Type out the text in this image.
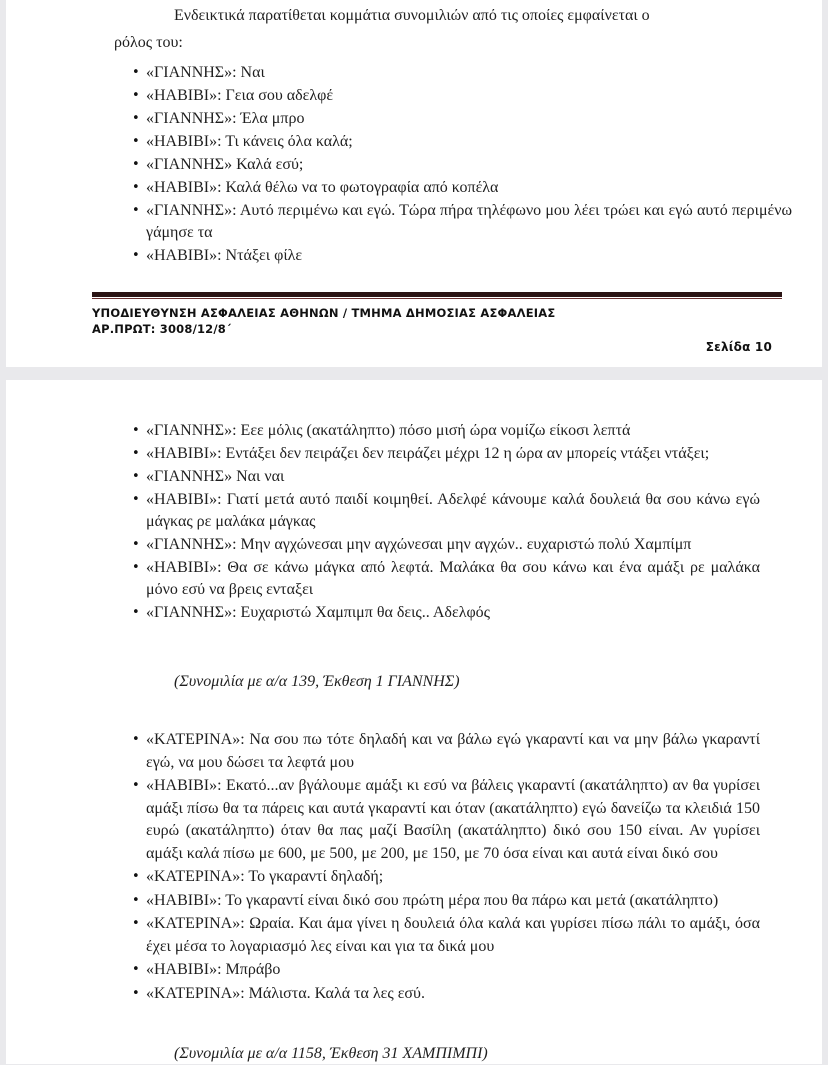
Ενδεικτικά παρατίθεται κομμάτια συνομιλιών από τις οποίες εμφαίνεται ο
ρόλος του:
• «ΓΙΑΝΝΗΣ»: Ναι
• «ΗΑΒΙΒΙ»: Γεια σου αδελφέ
• «ΓΙΑΝΝΗΣ»: Έλα μπρο
• «ΗΑΒΙΒΙ»: Τι κάνεις όλα καλά;
• «ΓΙΑΝΝΗΣ» Καλά εσύ;
• «ΗΑΒΙΒΙ»: Καλά θέλω να το φωτογραφία από κοπέλα
• «ΓΙΑΝΝΗΣ»: Αυτό περιμένω και εγώ. Τώρα πήρα τηλέφωνο μου λέει τρώει και εγώ αυτό περιμένω γάμησε τα
• «ΗΑΒΙΒΙ»: Ντάξει φίλε
ΥΠΟΔΙΕΥΘΥΝΣΗ ΑΣΦΑΛΕΙΑΣ ΑΘΗΝΩΝ / ΤΜΗΜΑ ΔΗΜΟΣΙΑΣ ΑΣΦΑΛΕΙΑΣ
ΑΡ.ΠΡΩΤ: 3008/12/8΄
Σελίδα 10
• «ΓΙΑΝΝΗΣ»: Εεε μόλις (ακατάληπτο) πόσο μισή ώρα νομίζω είκοσι λεπτά
• «ΗΑΒΙΒΙ»: Εντάξει δεν πειράζει δεν πειράζει μέχρι 12 η ώρα αν μπορείς ντάξει ντάξει;
• «ΓΙΑΝΝΗΣ» Ναι ναι
• «ΗΑΒΙΒΙ»: Γιατί μετά αυτό παιδί κοιμηθεί. Αδελφέ κάνουμε καλά δουλειά θα σου κάνω εγώ μάγκας ρε μαλάκα μάγκας
• «ΓΙΑΝΝΗΣ»: Μην αγχώνεσαι μην αγχώνεσαι μην αγχών.. ευχαριστώ πολύ Χαμπίμπ
• «ΗΑΒΙΒΙ»: Θα σε κάνω μάγκα από λεφτά. Μαλάκα θα σου κάνω και ένα αμάξι ρε μαλάκα μόνο εσύ να βρεις ενταξει
• «ΓΙΑΝΝΗΣ»: Ευχαριστώ Χαμπιμπ θα δεις.. Αδελφός
(Συνομιλία με α/α 139, Έκθεση 1 ΓΙΑΝΝΗΣ)
• «ΚΑΤΕΡΙΝΑ»: Να σου πω τότε δηλαδή και να βάλω εγώ γκαραντί και να μην βάλω γκαραντί εγώ, να μου δώσει τα λεφτά μου
• «ΗΑΒΙΒΙ»: Εκατό...αν βγάλουμε αμάξι κι εσύ να βάλεις γκαραντί (ακατάληπτο) αν θα γυρίσει αμάξι πίσω θα τα πάρεις και αυτά γκαραντί και όταν (ακατάληπτο) εγώ δανείζω τα κλειδιά 150 ευρώ (ακατάληπτο) όταν θα πας μαζί Βασίλη (ακατάληπτο) δικό σου 150 είναι. Αν γυρίσει αμάξι καλά πίσω με 600, με 500, με 200, με 150, με 70 όσα είναι και αυτά είναι δικό σου
• «ΚΑΤΕΡΙΝΑ»: Το γκαραντί δηλαδή;
• «ΗΑΒΙΒΙ»: Το γκαραντί είναι δικό σου πρώτη μέρα που θα πάρω και μετά (ακατάληπτο)
• «ΚΑΤΕΡΙΝΑ»: Ωραία. Και άμα γίνει η δουλειά όλα καλά και γυρίσει πίσω πάλι το αμάξι, όσα έχει μέσα το λογαριασμό λες είναι και για τα δικά μου
• «ΗΑΒΙΒΙ»: Μπράβο
• «ΚΑΤΕΡΙΝΑ»: Μάλιστα. Καλά τα λες εσύ.
(Συνομιλία με α/α 1158, Έκθεση 31 ΧΑΜΠΙΜΠΙ)
